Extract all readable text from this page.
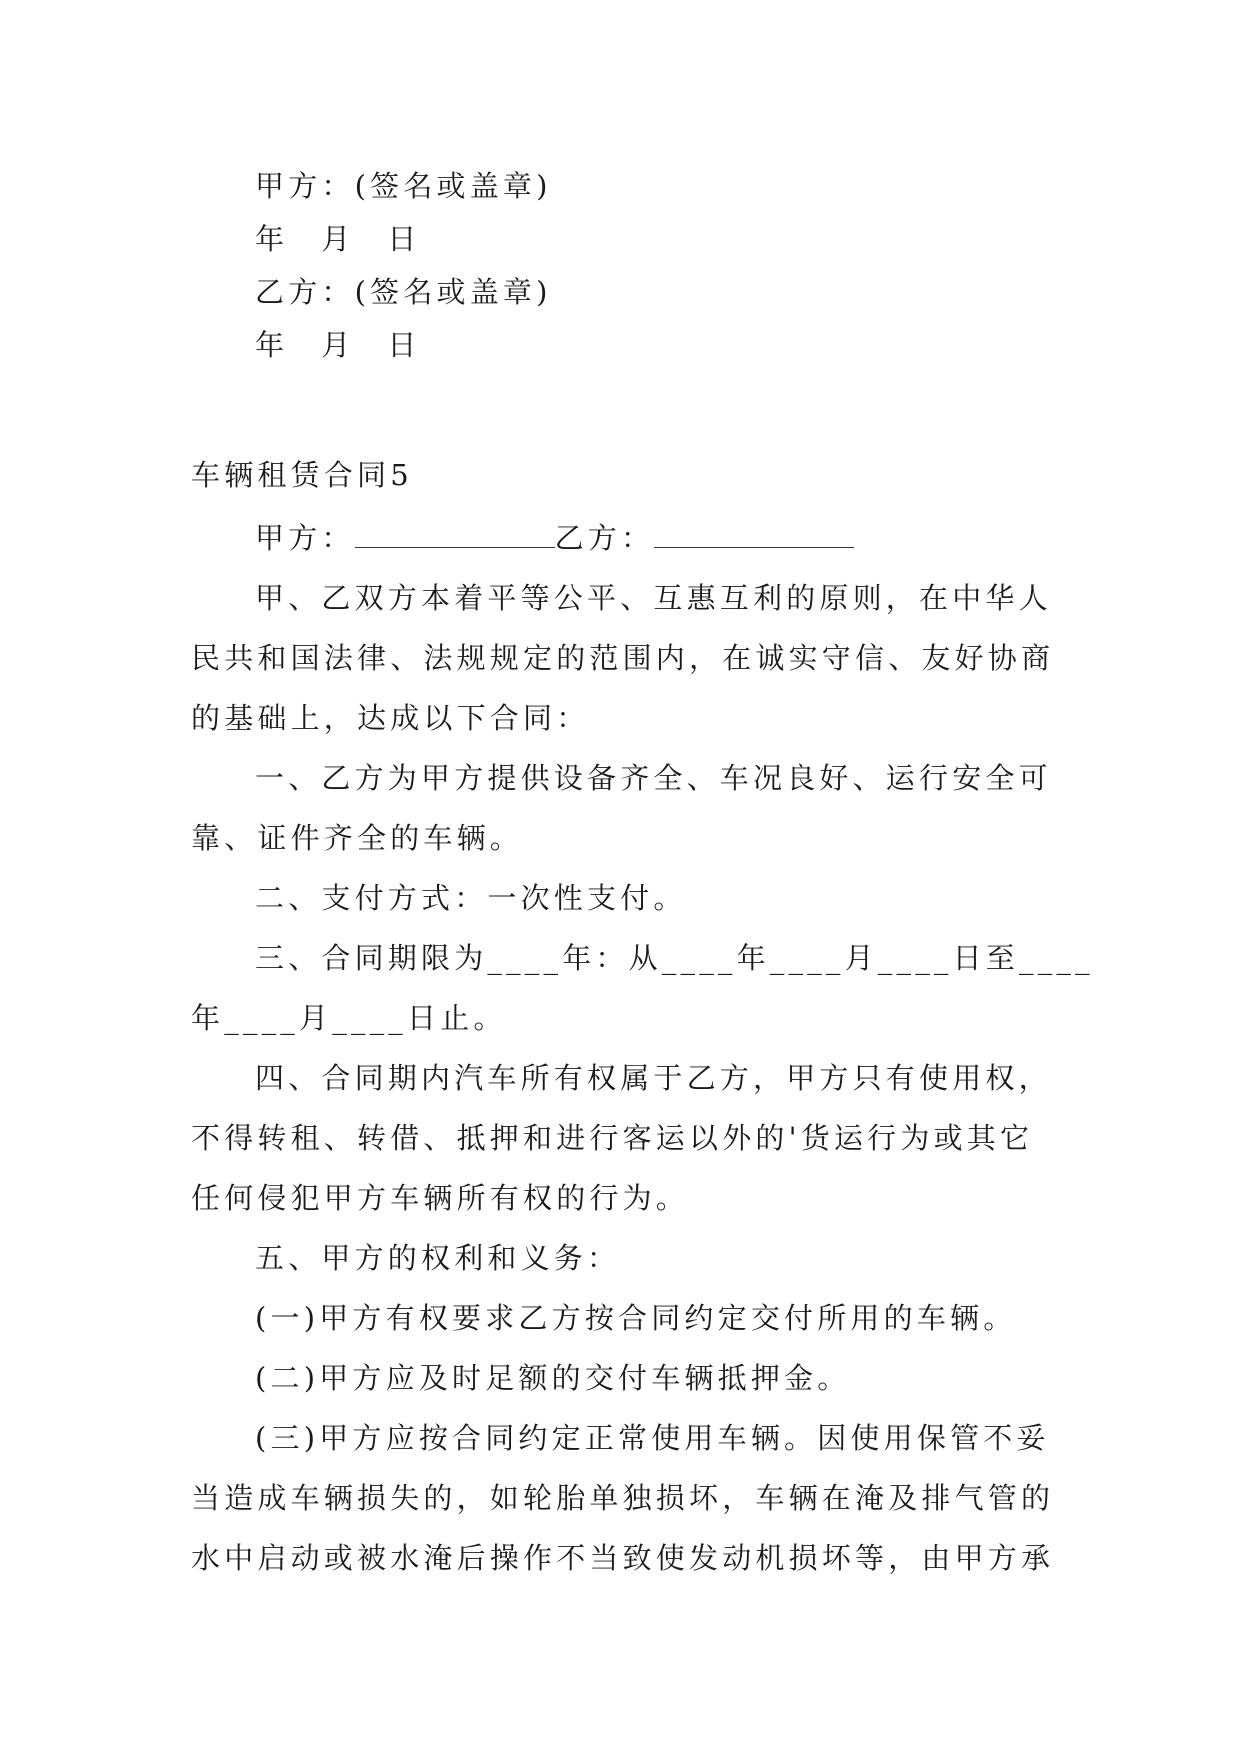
甲方：(签名或盖章)
年 月 日
乙方：(签名或盖章)
年 月 日
车辆租赁合同5
甲方：	乙方：
甲、乙双方本着平等公平、互惠互利的原则，在中华人
民共和国法律、法规规定的范围内，在诚实守信、友好协商
的基础上，达成以下合同：
一、乙方为甲方提供设备齐全、车况良好、运行安全可
靠、证件齐全的车辆。
二、支付方式：一次性支付。
三、合同期限为____年：从____年____月____日至____
年____月____日止。
四、合同期内汽车所有权属于乙方，甲方只有使用权，
不得转租、转借、抵押和进行客运以外的'货运行为或其它
任何侵犯甲方车辆所有权的行为。
五、甲方的权利和义务：
(一)甲方有权要求乙方按合同约定交付所用的车辆。
(二)甲方应及时足额的交付车辆抵押金。
(三)甲方应按合同约定正常使用车辆。因使用保管不妥
当造成车辆损失的，如轮胎单独损坏，车辆在淹及排气管的
水中启动或被水淹后操作不当致使发动机损坏等，由甲方承
